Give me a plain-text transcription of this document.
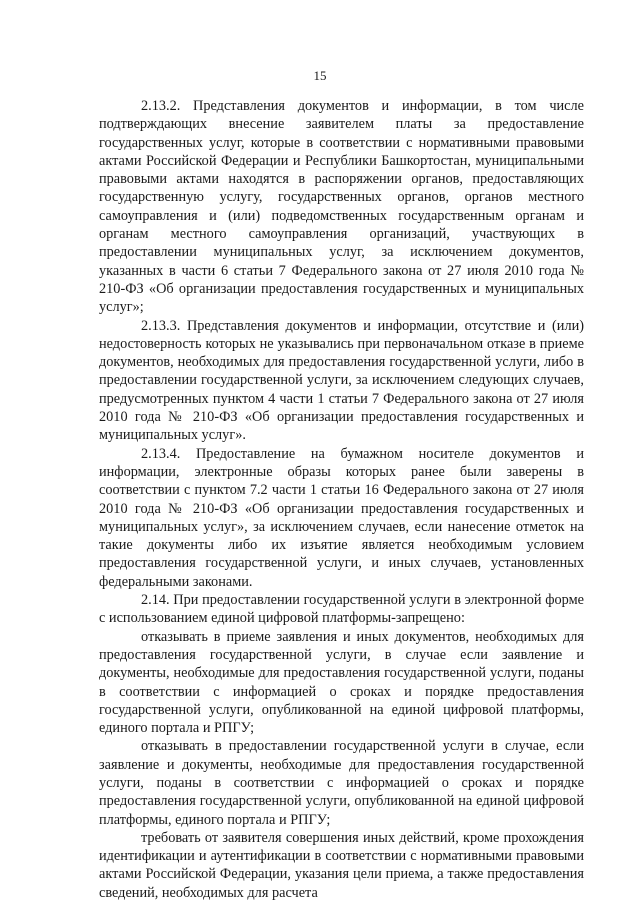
15

2.13.2. Представления документов и информации, в том числе подтверждающих внесение заявителем платы за предоставление государственных услуг, которые в соответствии с нормативными правовыми актами Российской Федерации и Республики Башкортостан, муниципальными правовыми актами находятся в распоряжении органов, предоставляющих государственную услугу, государственных органов, органов местного самоуправления и (или) подведомственных государственным органам и органам местного самоуправления организаций, участвующих в предоставлении муниципальных услуг, за исключением документов, указанных в части 6 статьи 7 Федерального закона от 27 июля 2010 года № 210-ФЗ «Об организации предоставления государственных и муниципальных услуг»;

2.13.3. Представления документов и информации, отсутствие и (или) недостоверность которых не указывались при первоначальном отказе в приеме документов, необходимых для предоставления государственной услуги, либо в предоставлении государственной услуги, за исключением следующих случаев, предусмотренных пунктом 4 части 1 статьи 7 Федерального закона от 27 июля 2010 года № 210-ФЗ «Об организации предоставления государственных и муниципальных услуг».

2.13.4. Предоставление на бумажном носителе документов и информации, электронные образы которых ранее были заверены в соответствии с пунктом 7.2 части 1 статьи 16 Федерального закона от 27 июля 2010 года № 210-ФЗ «Об организации предоставления государственных и муниципальных услуг», за исключением случаев, если нанесение отметок на такие документы либо их изъятие является необходимым условием предоставления государственной услуги, и иных случаев, установленных федеральными законами.

2.14. При предоставлении государственной услуги в электронной форме с использованием единой цифровой платформы-запрещено:

отказывать в приеме заявления и иных документов, необходимых для предоставления государственной услуги, в случае если заявление и документы, необходимые для предоставления государственной услуги, поданы в соответствии с информацией о сроках и порядке предоставления государственной услуги, опубликованной на единой цифровой платформы, единого портала и РПГУ;

отказывать в предоставлении государственной услуги в случае, если заявление и документы, необходимые для предоставления государственной услуги, поданы в соответствии с информацией о сроках и порядке предоставления государственной услуги, опубликованной на единой цифровой платформы, единого портала и РПГУ;

требовать от заявителя совершения иных действий, кроме прохождения идентификации и аутентификации в соответствии с нормативными правовыми актами Российской Федерации, указания цели приема, а также предоставления сведений, необходимых для расчета
